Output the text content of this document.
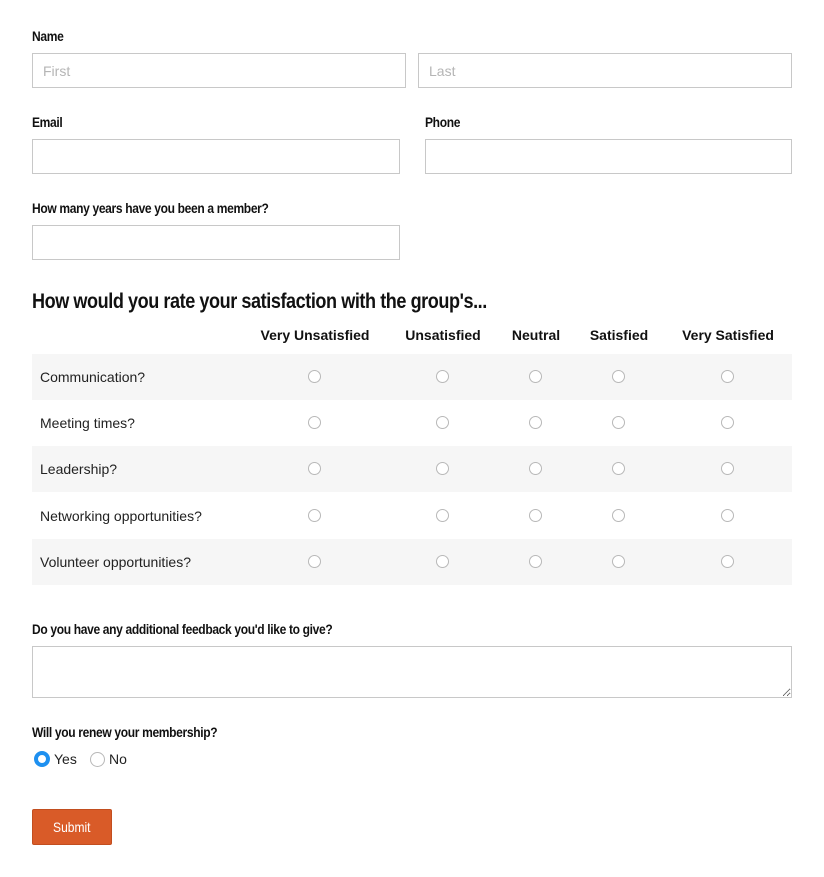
Name
First
Last
Email	Phone
How many years have you been a member?
How would you rate your satisfaction with the group's...
Very Unsatisfied	Unsatisfied Neutral Satisfied Very Satisfied
Communication?
Meeting times?
Leadership?
Networking opportunities?
Volunteer opportunities?
Do you have any additional feedback you'd like to give?
Will you renew your membership?
Yes No
Submit
